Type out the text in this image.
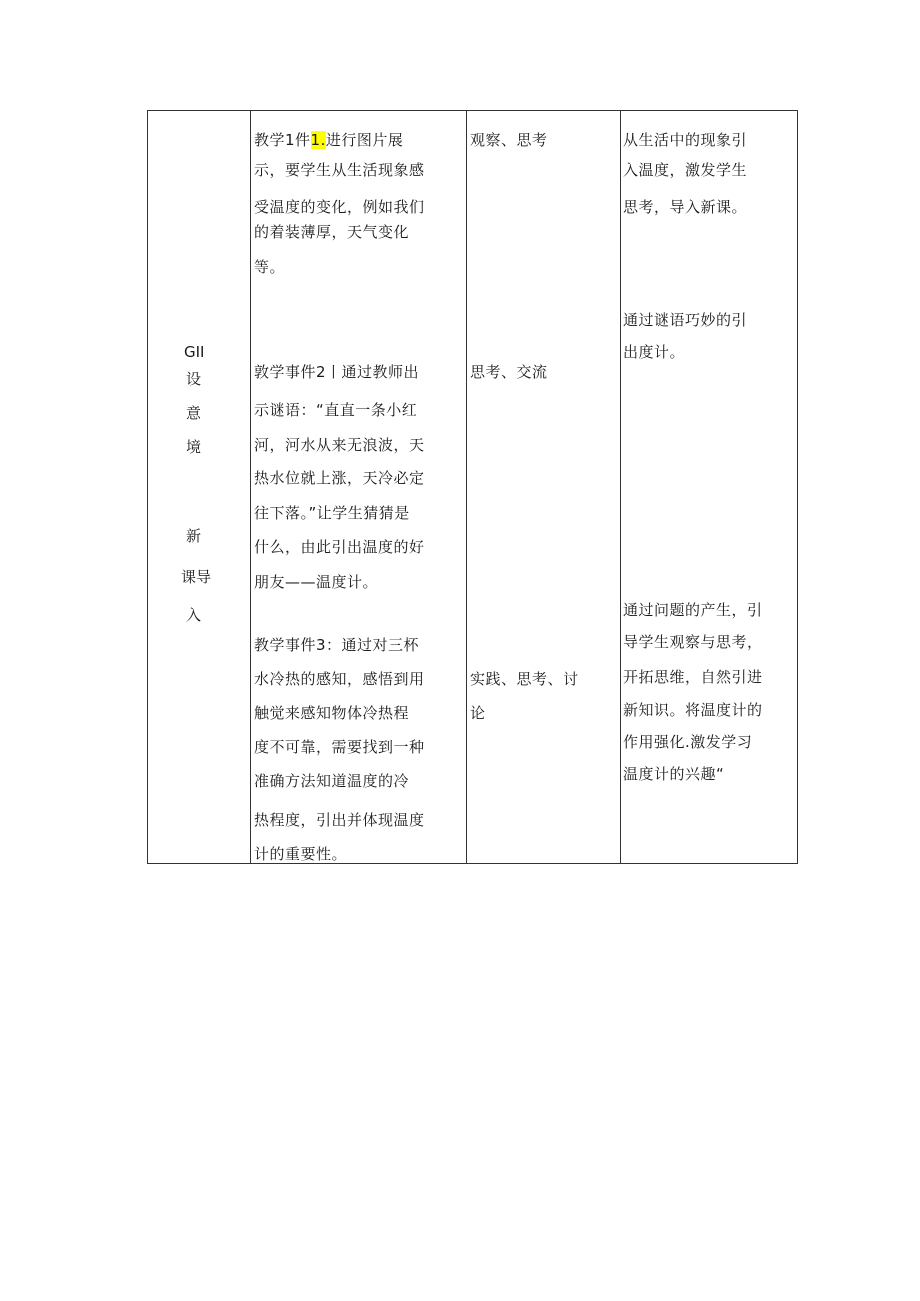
GII
设
意
境
新
课导
入
教学1件1.进行图片展
示，要学生从生活现象感
受温度的变化，例如我们
的着装薄厚，天气变化
等。
敦学事件2丨通过教师出
示谜语：“直直一条小红
河，河水从来无浪波，天
热水位就上涨，天冷必定
往下落。”让学生猜猜是
什么，由此引出温度的好
朋友——温度计。
教学事件3：通过对三杯
水冷热的感知，感悟到用
触觉来感知物体冷热程
度不可靠，需要找到一种
准确方法知道温度的冷
热程度，引出并体现温度
计的重要性。
观察、思考
思考、交流
实践、思考、讨
论
从生活中的现象引
入温度，激发学生
思考，导入新课。
通过谜语巧妙的引
出度计。
通过问题的产生，引
导学生观察与思考，
开拓思维，自然引进
新知识。将温度计的
作用强化.激发学习
温度计的兴趣“
